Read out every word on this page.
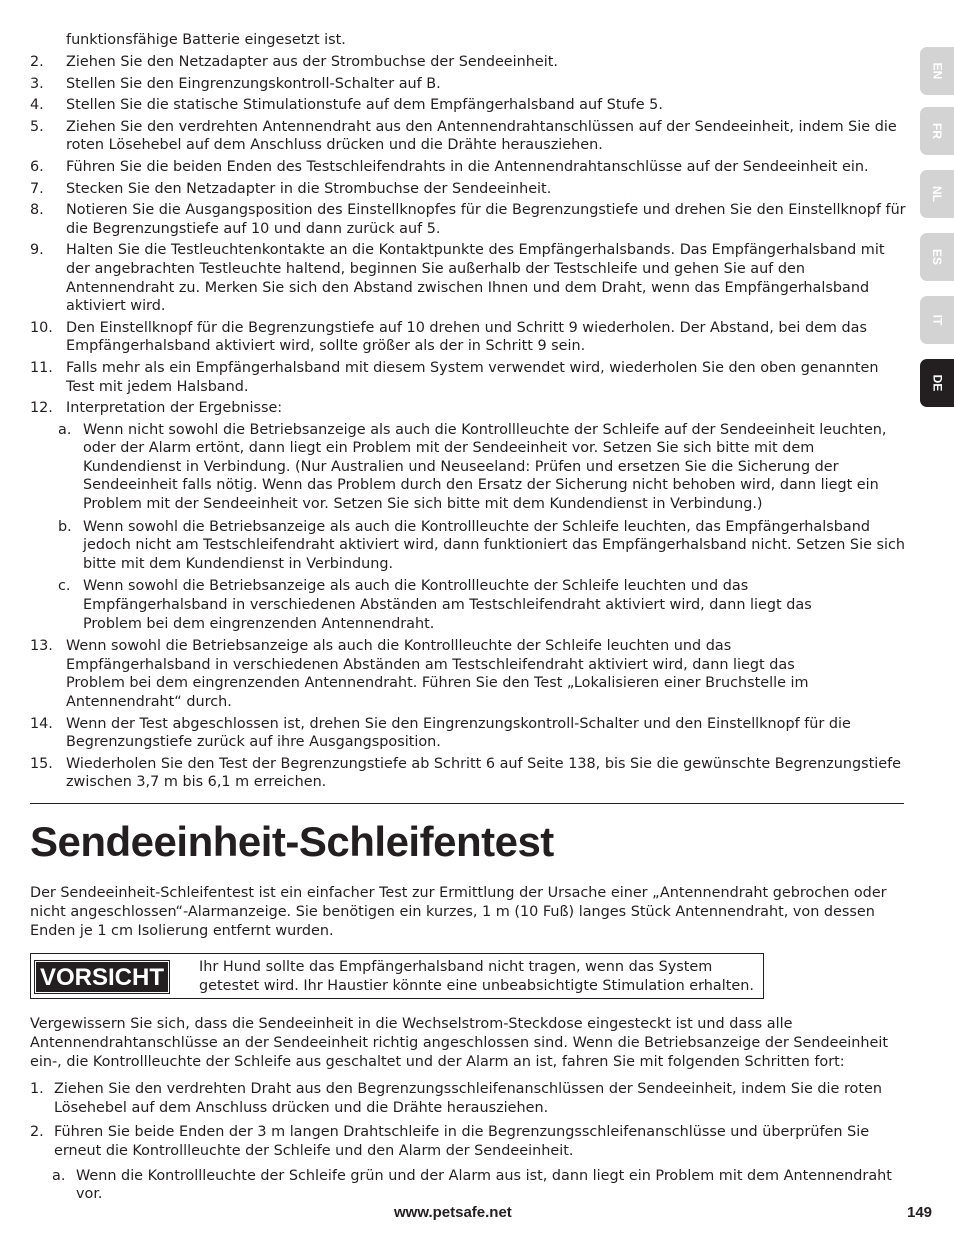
funktionsfähige Batterie eingesetzt ist.
2. Ziehen Sie den Netzadapter aus der Strombuchse der Sendeeinheit.
3. Stellen Sie den Eingrenzungskontroll-Schalter auf B.
4. Stellen Sie die statische Stimulationstufe auf dem Empfängerhalsband auf Stufe 5.
5. Ziehen Sie den verdrehten Antennendraht aus den Antennendrahtanschlüssen auf der Sendeeinheit, indem Sie die roten Lösehebel auf dem Anschluss drücken und die Drähte herausziehen.
6. Führen Sie die beiden Enden des Testschleifendrahts in die Antennendrahtanschlüsse auf der Sendeeinheit ein.
7. Stecken Sie den Netzadapter in die Strombuchse der Sendeeinheit.
8. Notieren Sie die Ausgangsposition des Einstellknopfes für die Begrenzungstiefe und drehen Sie den Einstellknopf für die Begrenzungstiefe auf 10 und dann zurück auf 5.
9. Halten Sie die Testleuchtenkontakte an die Kontaktpunkte des Empfängerhalsbands. Das Empfängerhalsband mit der angebrachten Testleuchte haltend, beginnen Sie außerhalb der Testschleife und gehen Sie auf den Antennendraht zu. Merken Sie sich den Abstand zwischen Ihnen und dem Draht, wenn das Empfängerhalsband aktiviert wird.
10. Den Einstellknopf für die Begrenzungstiefe auf 10 drehen und Schritt 9 wiederholen. Der Abstand, bei dem das Empfängerhalsband aktiviert wird, sollte größer als der in Schritt 9 sein.
11. Falls mehr als ein Empfängerhalsband mit diesem System verwendet wird, wiederholen Sie den oben genannten Test mit jedem Halsband.
12. Interpretation der Ergebnisse:
a. Wenn nicht sowohl die Betriebsanzeige als auch die Kontrollleuchte der Schleife auf der Sendeeinheit leuchten, oder der Alarm ertönt, dann liegt ein Problem mit der Sendeeinheit vor. Setzen Sie sich bitte mit dem Kundendienst in Verbindung. (Nur Australien und Neuseeland: Prüfen und ersetzen Sie die Sicherung der Sendeeinheit falls nötig. Wenn das Problem durch den Ersatz der Sicherung nicht behoben wird, dann liegt ein Problem mit der Sendeeinheit vor. Setzen Sie sich bitte mit dem Kundendienst in Verbindung.)
b. Wenn sowohl die Betriebsanzeige als auch die Kontrollleuchte der Schleife leuchten, das Empfängerhalsband jedoch nicht am Testschleifendraht aktiviert wird, dann funktioniert das Empfängerhalsband nicht. Setzen Sie sich bitte mit dem Kundendienst in Verbindung.
c. Wenn sowohl die Betriebsanzeige als auch die Kontrollleuchte der Schleife leuchten und das Empfängerhalsband in verschiedenen Abständen am Testschleifendraht aktiviert wird, dann liegt das Problem bei dem eingrenzenden Antennendraht.
13. Wenn sowohl die Betriebsanzeige als auch die Kontrollleuchte der Schleife leuchten und das Empfängerhalsband in verschiedenen Abständen am Testschleifendraht aktiviert wird, dann liegt das Problem bei dem eingrenzenden Antennendraht. Führen Sie den Test „Lokalisieren einer Bruchstelle im Antennendraht“ durch.
14. Wenn der Test abgeschlossen ist, drehen Sie den Eingrenzungskontroll-Schalter und den Einstellknopf für die Begrenzungstiefe zurück auf ihre Ausgangsposition.
15. Wiederholen Sie den Test der Begrenzungstiefe ab Schritt 6 auf Seite 138, bis Sie die gewünschte Begrenzungstiefe zwischen 3,7 m bis 6,1 m erreichen.
Sendeeinheit-Schleifentest
Der Sendeeinheit-Schleifentest ist ein einfacher Test zur Ermittlung der Ursache einer „Antennendraht gebrochen oder nicht angeschlossen“-Alarmanzeige. Sie benötigen ein kurzes, 1 m (10 Fuß) langes Stück Antennendraht, von dessen Enden je 1 cm Isolierung entfernt wurden.
VORSICHT	Ihr Hund sollte das Empfängerhalsband nicht tragen, wenn das System getestet wird. Ihr Haustier könnte eine unbeabsichtigte Stimulation erhalten.
Vergewissern Sie sich, dass die Sendeeinheit in die Wechselstrom-Steckdose eingesteckt ist und dass alle Antennendrahtanschlüsse an der Sendeeinheit richtig angeschlossen sind. Wenn die Betriebsanzeige der Sendeeinheit ein-, die Kontrollleuchte der Schleife aus geschaltet und der Alarm an ist, fahren Sie mit folgenden Schritten fort:
1. Ziehen Sie den verdrehten Draht aus den Begrenzungsschleifenanschlüssen der Sendeeinheit, indem Sie die roten Lösehebel auf dem Anschluss drücken und die Drähte herausziehen.
2. Führen Sie beide Enden der 3 m langen Drahtschleife in die Begrenzungsschleifenanschlüsse und überprüfen Sie erneut die Kontrollleuchte der Schleife und den Alarm der Sendeeinheit.
a. Wenn die Kontrollleuchte der Schleife grün und der Alarm aus ist, dann liegt ein Problem mit dem Antennendraht vor.
EN
FR
NL
ES
IT
DE
www.petsafe.net	149
